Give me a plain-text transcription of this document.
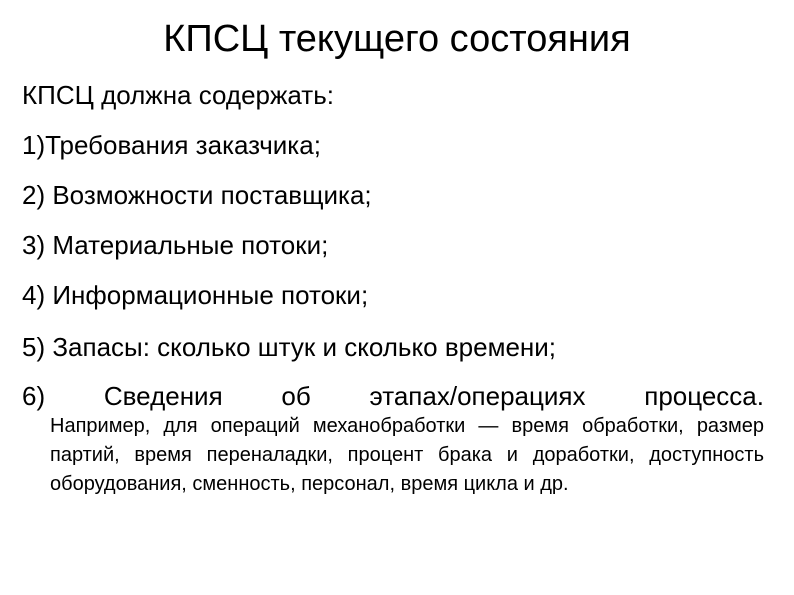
КПСЦ текущего состояния
КПСЦ должна содержать:
1)Требования заказчика;
2) Возможности поставщика;
3) Материальные потоки;
4) Информационные потоки;
5) Запасы: сколько штук и сколько времени;
6) Сведения об этапах/операциях процесса.
Например, для операций механобработки — время обработки, размер партий, время переналадки, процент брака и доработки, доступность оборудования, сменность, персонал, время цикла и др.
